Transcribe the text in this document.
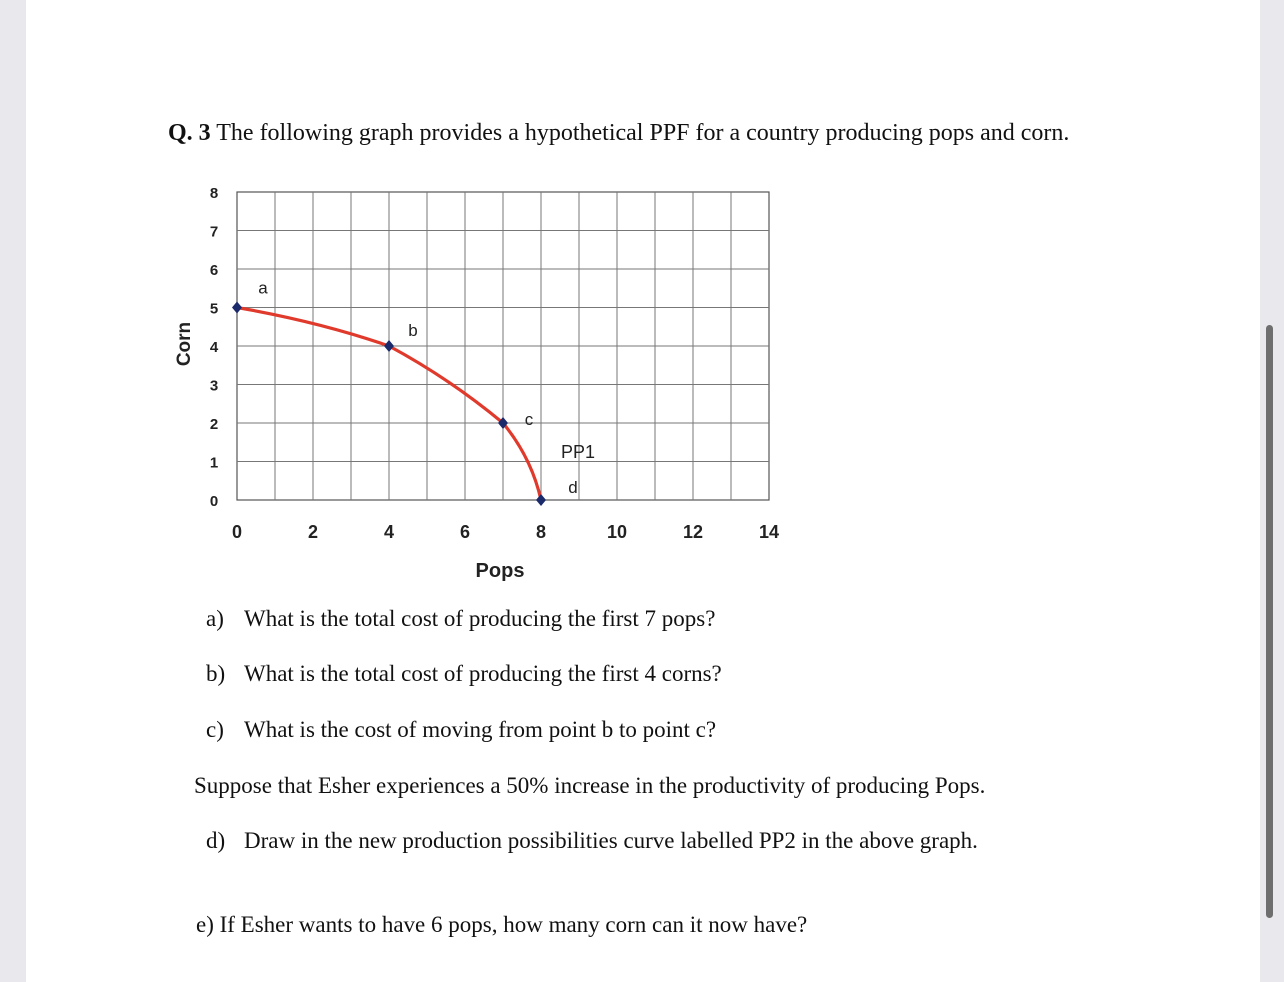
Q. 3 The following graph provides a hypothetical PPF for a country producing pops and corn.
0
1
2
3
4
5
6
7
8
0	2	4	6	8	10	12	14
a
b
c
d
PP1
Corn
Pops
a) What is the total cost of producing the first 7 pops?
b) What is the total cost of producing the first 4 corns?
c) What is the cost of moving from point b to point c?
Suppose that Esher experiences a 50% increase in the productivity of producing Pops.
d) Draw in the new production possibilities curve labelled PP2 in the above graph.
e) If Esher wants to have 6 pops, how many corn can it now have?
